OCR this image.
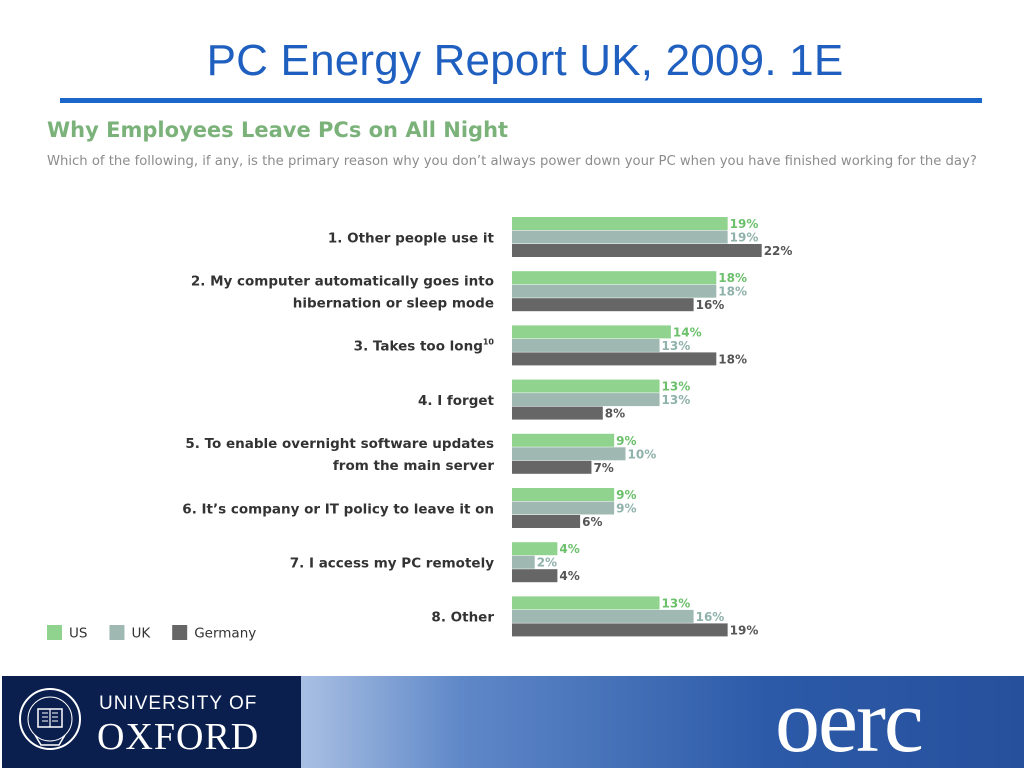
PC Energy Report UK, 2009. 1E
Why Employees Leave PCs on All Night
Which of the following, if any, is the primary reason why you don’t always power down your PC when you have finished working for the day?
1. Other people use it
19%
19%
22%
2. My computer automatically goes into
hibernation or sleep mode
18%
18%
16%
3. Takes too long$^{10}$
14%
13%
18%
4. I forget
13%
13%
8%
5. To enable overnight software updates
from the main server
9%
10%
7%
6. It’s company or IT policy to leave it on
9%
9%
6%
7. I access my PC remotely
4%
2%
4%
8. Other
13%
16%
19%
US	UK	Germany
UNIVERSITY OF
OXFORD	oerc
